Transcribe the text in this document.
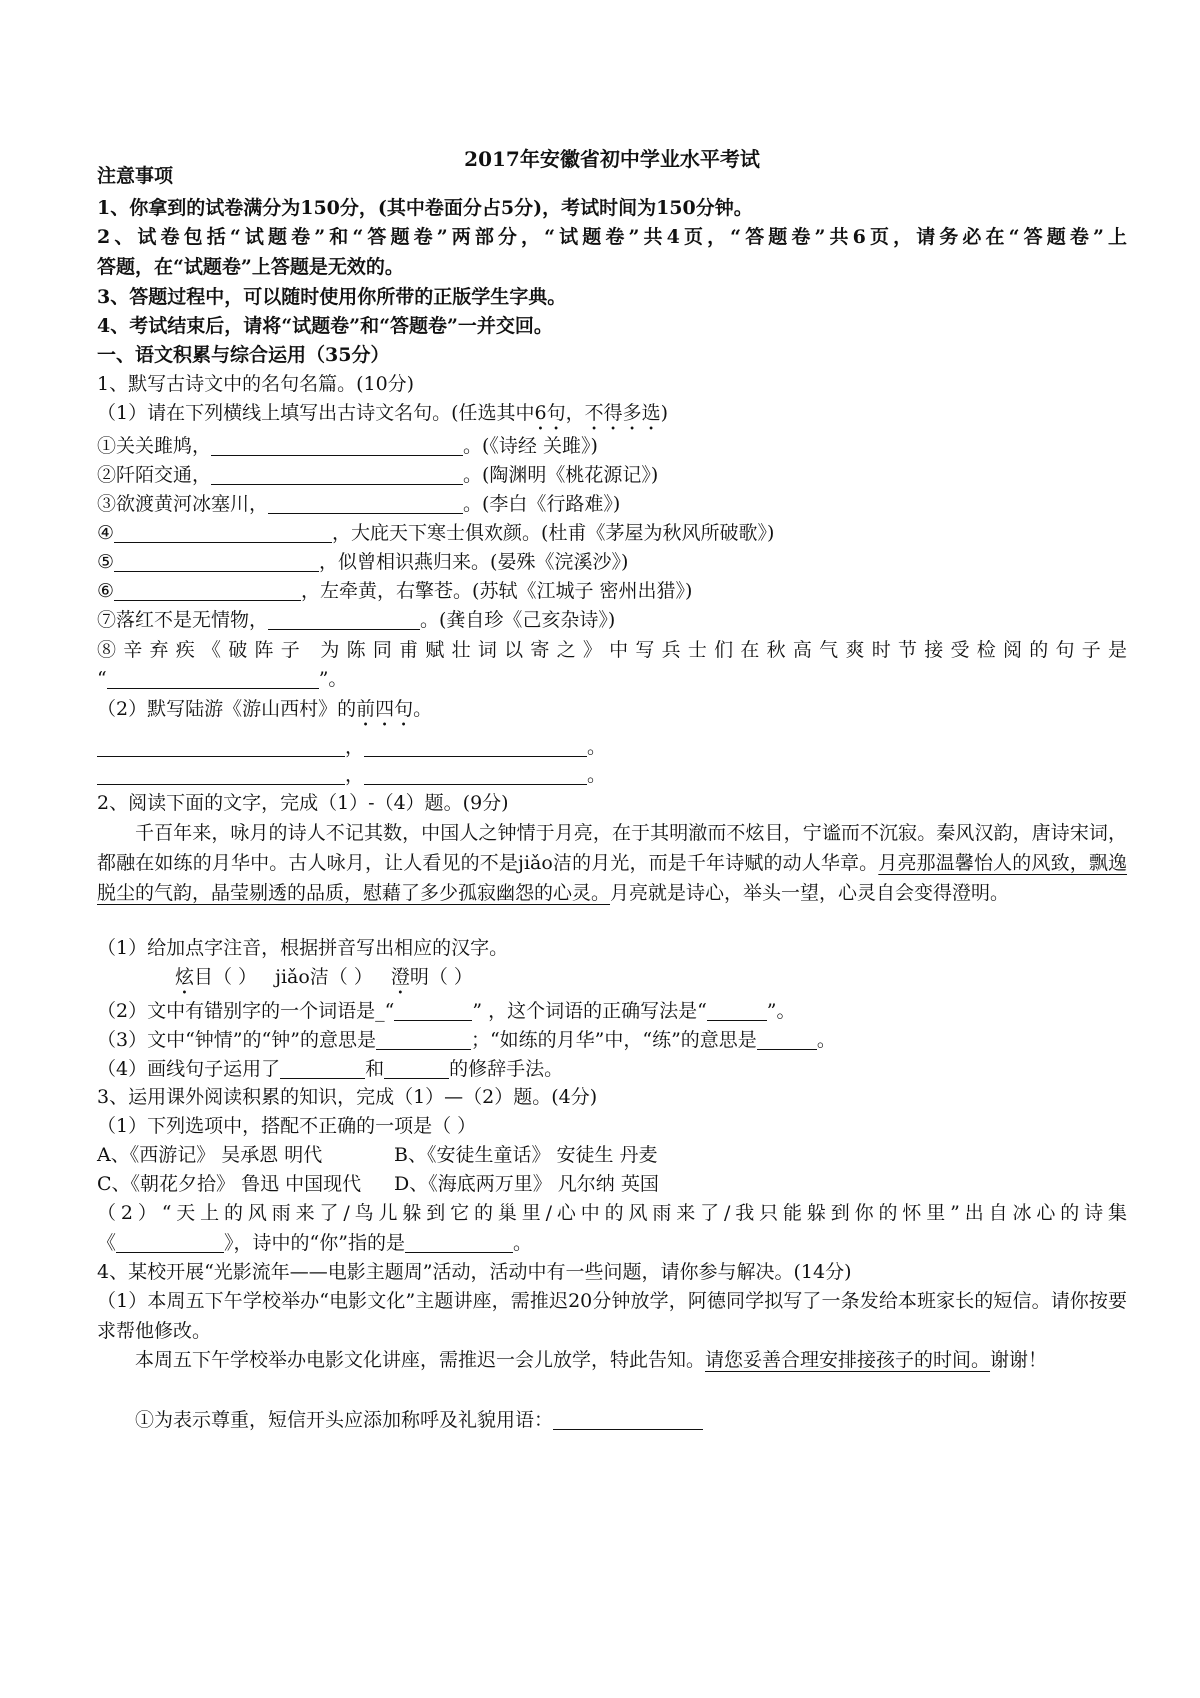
2017年安徽省初中学业水平考试
注意事项
1、你拿到的试卷满分为150分，(其中卷面分占5分)，考试时间为150分钟。
2、试卷包括“试题卷”和“答题卷”两部分，“试题卷”共4页，“答题卷”共6页，请务必在“答题卷”上
答题，在“试题卷”上答题是无效的。
3、答题过程中，可以随时使用你所带的正版学生字典。
4、考试结束后，请将“试题卷”和“答题卷”一并交回。
一、语文积累与综合运用（35分）
1、默写古诗文中的名句名篇。(10分)
（1）请在下列横线上填写出古诗文名句。(任选其中6句，不得多选)
①关关雎鸠，	。(《诗经 关雎》)
②阡陌交通，	。(陶渊明《桃花源记》)
③欲渡黄河冰塞川，	。(李白《行路难》)
④	，大庇天下寒士俱欢颜。(杜甫《茅屋为秋风所破歌》)
⑤	，似曾相识燕归来。(晏殊《浣溪沙》)
⑥	，左牵黄，右擎苍。(苏轼《江城子 密州出猎》)
⑦落红不是无情物，	。(龚自珍《己亥杂诗》)
⑧辛弃疾《破阵子 为陈同甫赋壮词以寄之》中写兵士们在秋高气爽时节接受检阅的句子是
“	”。
（2）默写陆游《游山西村》的前四句。
，	。
，	。
2、阅读下面的文字，完成（1）-（4）题。(9分)
千百年来，咏月的诗人不记其数，中国人之钟情于月亮，在于其明澈而不炫目，宁谧而不沉寂。秦风汉韵，唐诗宋词，都融在如练的月华中。古人咏月，让人看见的不是jiǎo洁的月光，而是千年诗赋的动人华章。月亮那温馨怡人的风致，飘逸脱尘的气韵，晶莹剔透的品质，慰藉了多少孤寂幽怨的心灵。月亮就是诗心，举头一望，心灵自会变得澄明。
（1）给加点字注音，根据拼音写出相应的汉字。
炫目（ ） jiǎo洁（ ） 澄明（ ）
（2）文中有错别字的一个词语是_“	” ，这个词语的正确写法是“	”。
（3）文中“钟情”的“钟”的意思是	；“如练的月华”中，“练”的意思是	。
（4）画线句子运用了	和	的修辞手法。
3、运用课外阅读积累的知识，完成（1）—（2）题。(4分)
（1）下列选项中，搭配不正确的一项是（ ）
A、《西游记》 吴承恩 明代	B、《安徒生童话》 安徒生 丹麦
C、《朝花夕拾》 鲁迅 中国现代 D、《海底两万里》 凡尔纳 英国
（2）“天上的风雨来了/鸟儿躲到它的巢里/心中的风雨来了/我只能躲到你的怀里”出自冰心的诗集
《	》，诗中的“你”指的是	。
4、某校开展“光影流年——电影主题周”活动，活动中有一些问题，请你参与解决。(14分)
（1）本周五下午学校举办“电影文化”主题讲座，需推迟20分钟放学，阿德同学拟写了一条发给本班家长的短信。请你按要求帮他修改。
本周五下午学校举办电影文化讲座，需推迟一会儿放学，特此告知。请您妥善合理安排接孩子的时间。谢谢！
①为表示尊重，短信开头应添加称呼及礼貌用语：
